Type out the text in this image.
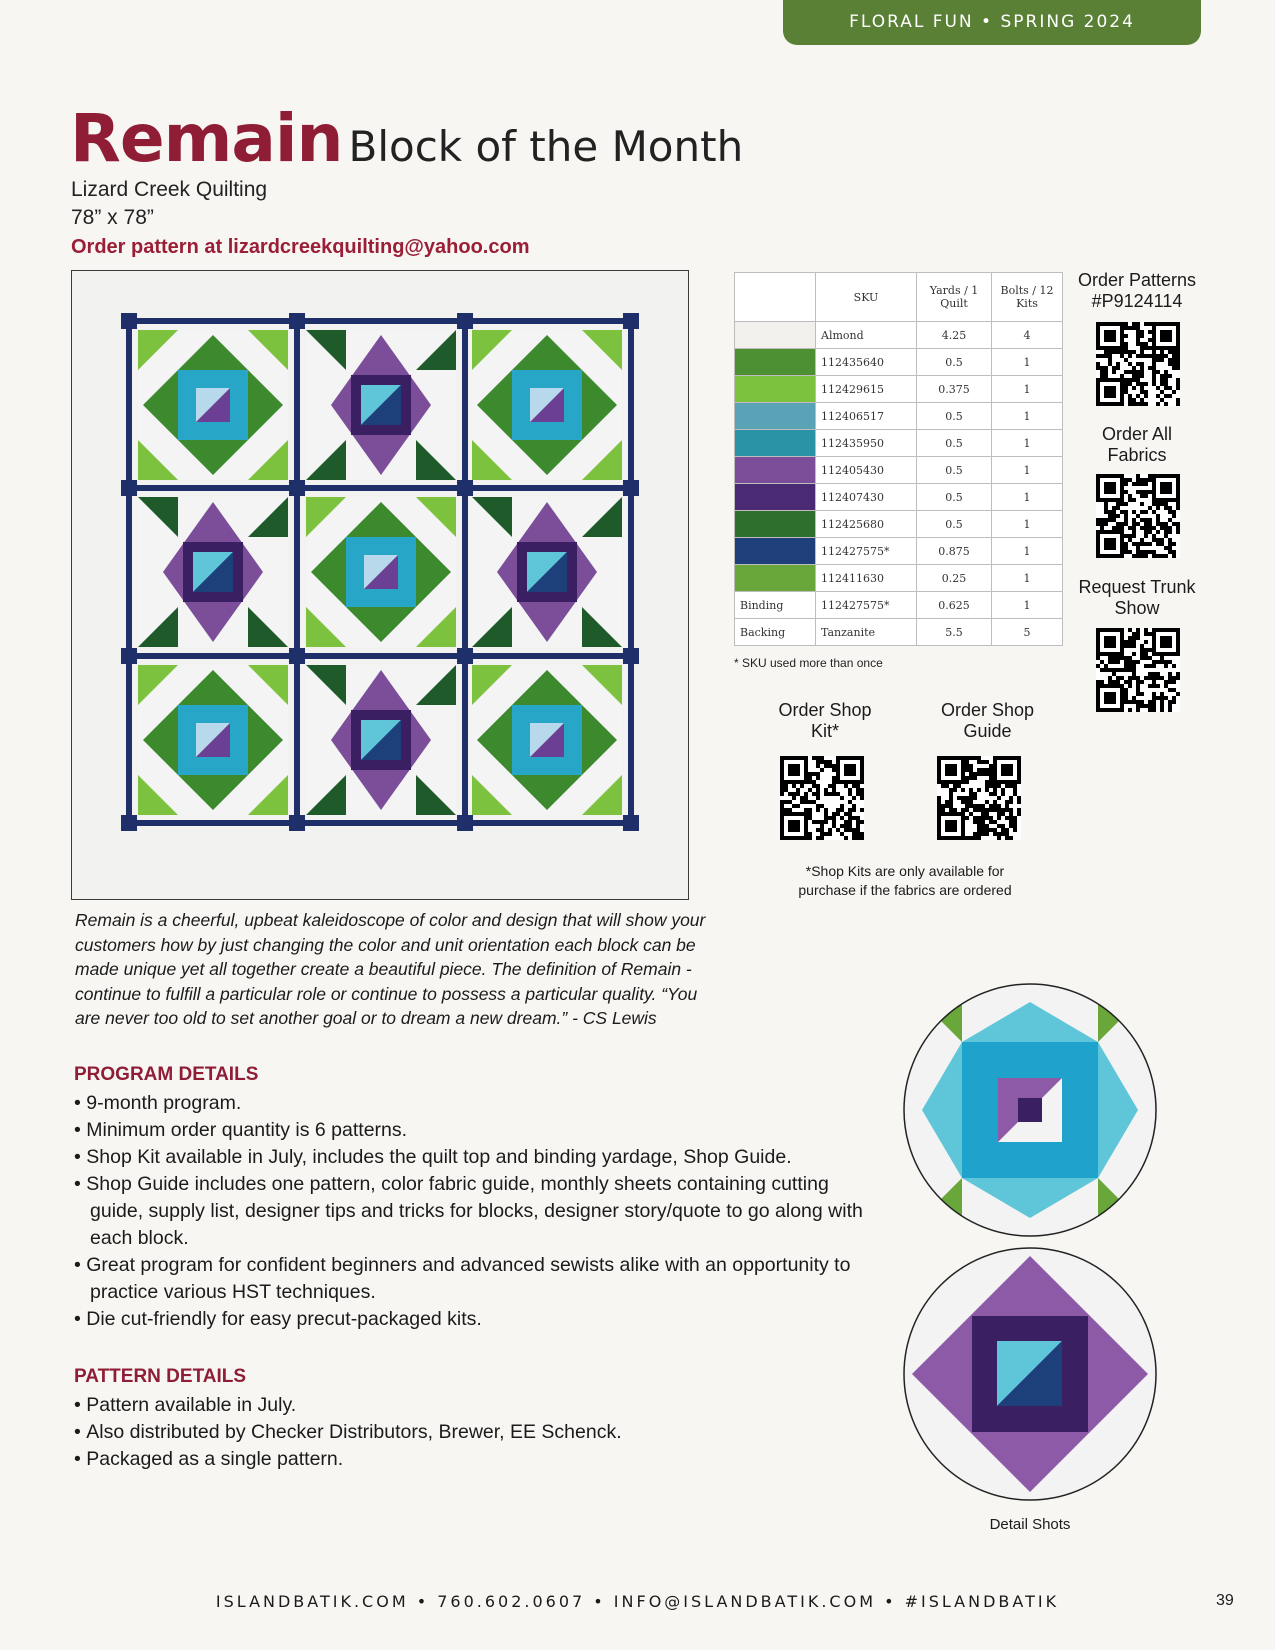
FLORAL FUN • SPRING 2024
Remain Block of the Month
Lizard Creek Quilting
78” x 78”
Order pattern at lizardcreekquilting@yahoo.com
	SKU	Yards / 1 Quilt	Bolts / 12 Kits
	Almond	4.25	4
	112435640	0.5	1
	112429615	0.375	1
	112406517	0.5	1
	112435950	0.5	1
	112405430	0.5	1
	112407430	0.5	1
	112425680	0.5	1
	112427575*	0.875	1
	112411630	0.25	1
Binding	112427575*	0.625	1
Backing	Tanzanite	5.5	5
* SKU used more than once
Order Patterns #P9124114
Order All Fabrics
Request Trunk Show
Order Shop Kit*
Order Shop Guide
*Shop Kits are only available for purchase if the fabrics are ordered
Remain is a cheerful, upbeat kaleidoscope of color and design that will show your customers how by just changing the color and unit orientation each block can be made unique yet all together create a beautiful piece. The definition of Remain - continue to fulfill a particular role or continue to possess a particular quality. “You are never too old to set another goal or to dream a new dream.” - CS Lewis
PROGRAM DETAILS
• 9-month program.
• Minimum order quantity is 6 patterns.
• Shop Kit available in July, includes the quilt top and binding yardage, Shop Guide.
• Shop Guide includes one pattern, color fabric guide, monthly sheets containing cutting guide, supply list, designer tips and tricks for blocks, designer story/quote to go along with each block.
• Great program for confident beginners and advanced sewists alike with an opportunity to practice various HST techniques.
• Die cut-friendly for easy precut-packaged kits.
PATTERN DETAILS
• Pattern available in July.
• Also distributed by Checker Distributors, Brewer, EE Schenck.
• Packaged as a single pattern.
Detail Shots
ISLANDBATIK.COM • 760.602.0607 • INFO@ISLANDBATIK.COM • #ISLANDBATIK	39
